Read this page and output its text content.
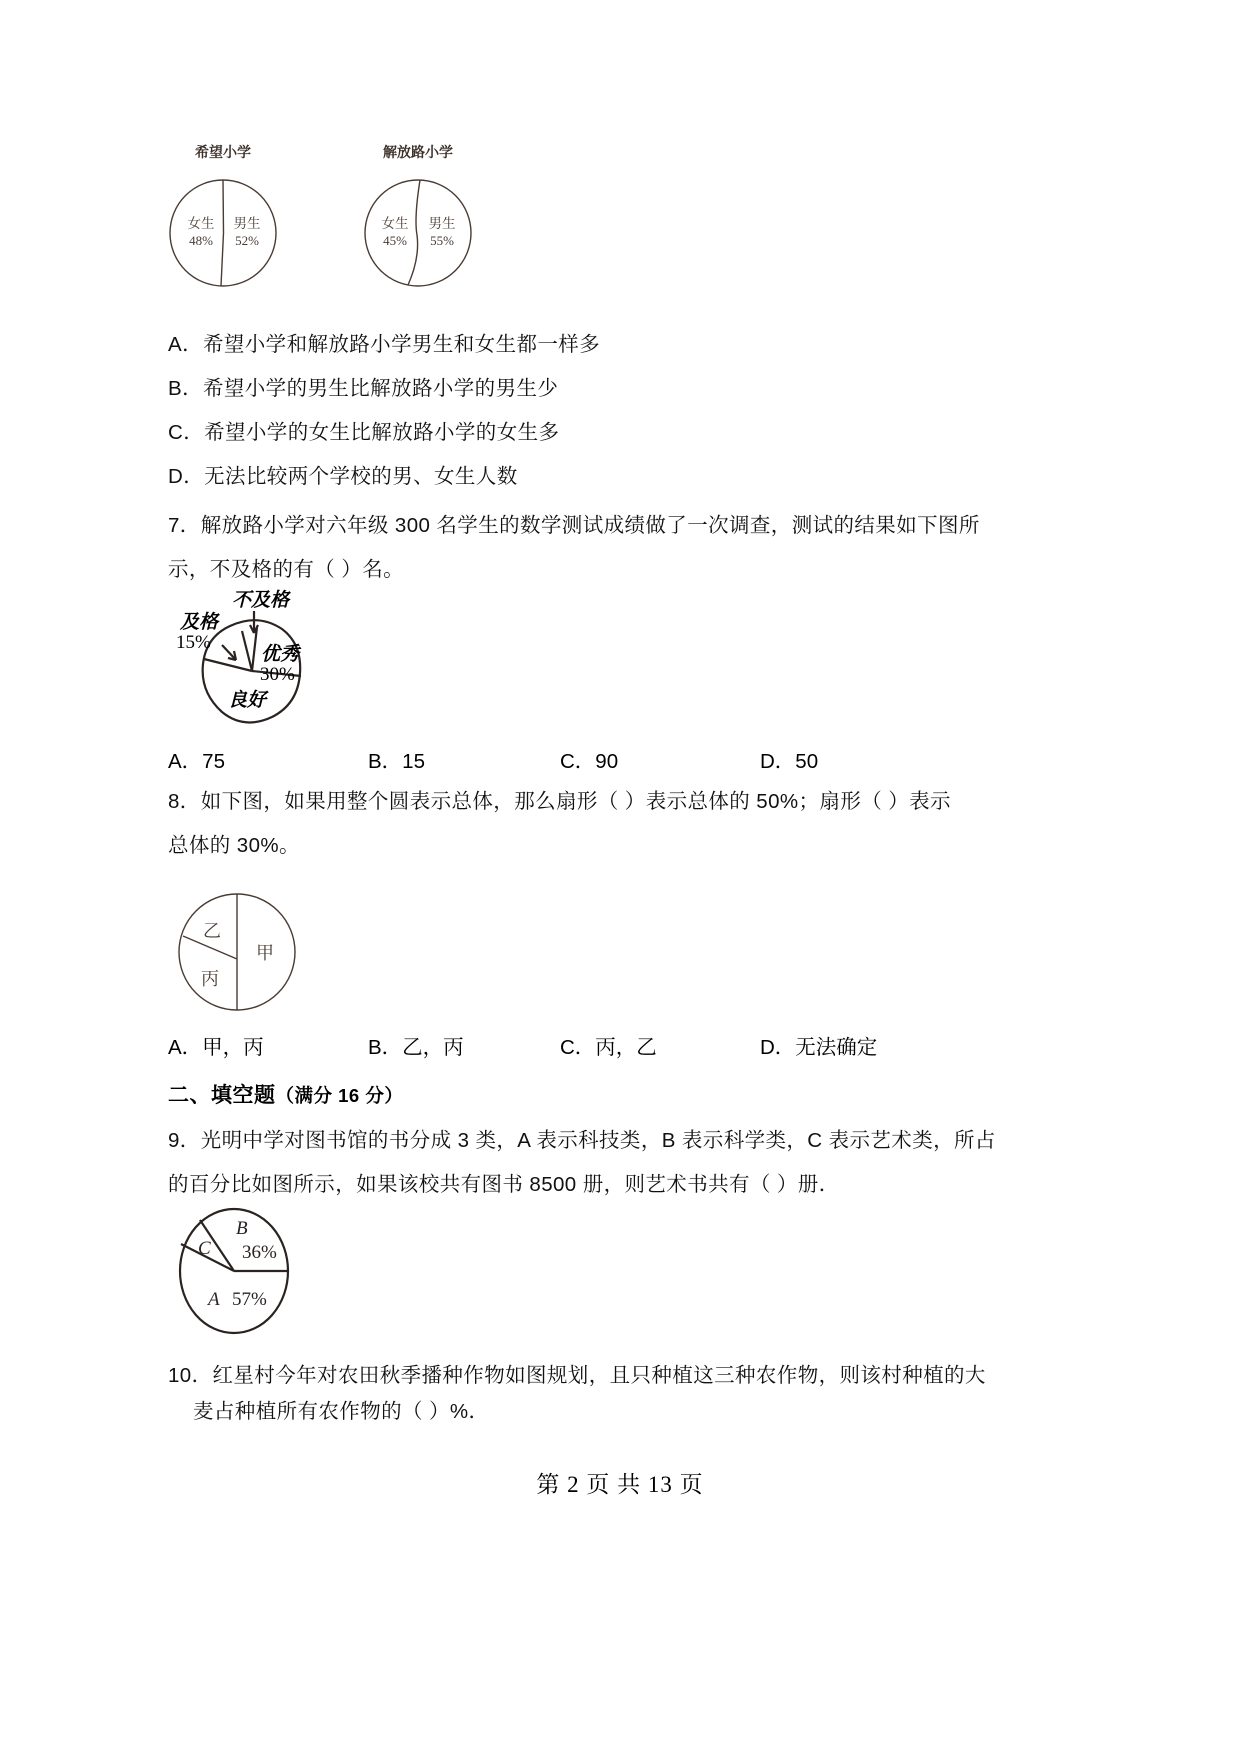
希望小学
女生
48%
男生
52%
解放路小学
女生
45%
男生
55%
A．希望小学和解放路小学男生和女生都一样多
B．希望小学的男生比解放路小学的男生少
C．希望小学的女生比解放路小学的女生多
D．无法比较两个学校的男、女生人数
7．解放路小学对六年级 300 名学生的数学测试成绩做了一次调查，测试的结果如下图所
示，不及格的有（ ）名。
及格
15%
不及格
优秀
30%
良好
A．75	B．15	C．90	D．50
8．如下图，如果用整个圆表示总体，那么扇形（ ）表示总体的 50%；扇形（ ）表示
总体的 30%。
乙
丙
甲
A．甲，丙	B．乙，丙	C．丙，乙	D．无法确定
二、填空题（满分 16 分）
9．光明中学对图书馆的书分成 3 类，A 表示科技类，B 表示科学类，C 表示艺术类，所占
的百分比如图所示，如果该校共有图书 8500 册，则艺术书共有（ ）册．
B
36%
C
A 57%
10．红星村今年对农田秋季播种作物如图规划，且只种植这三种农作物，则该村种植的大
麦占种植所有农作物的（ ）%．
第 2 页 共 13 页
